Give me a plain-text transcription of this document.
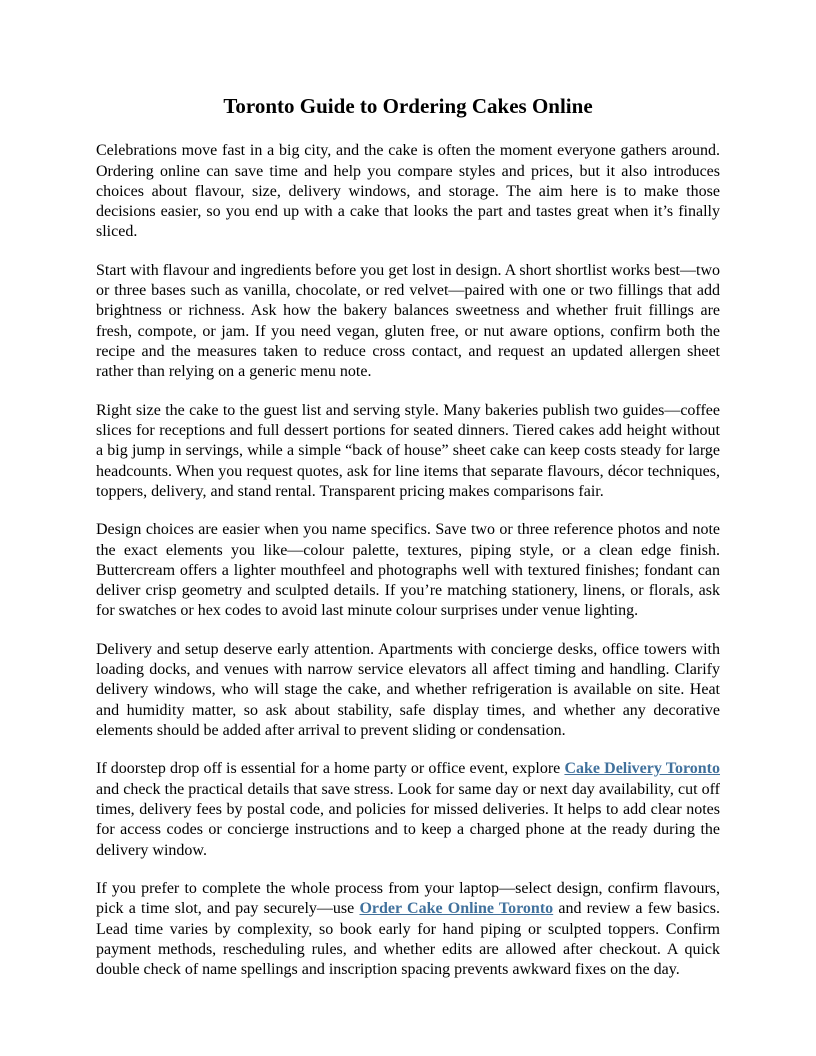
Toronto Guide to Ordering Cakes Online

Celebrations move fast in a big city, and the cake is often the moment everyone gathers around. Ordering online can save time and help you compare styles and prices, but it also introduces choices about flavour, size, delivery windows, and storage. The aim here is to make those decisions easier, so you end up with a cake that looks the part and tastes great when it’s finally sliced.

Start with flavour and ingredients before you get lost in design. A short shortlist works best—two or three bases such as vanilla, chocolate, or red velvet—paired with one or two fillings that add brightness or richness. Ask how the bakery balances sweetness and whether fruit fillings are fresh, compote, or jam. If you need vegan, gluten free, or nut aware options, confirm both the recipe and the measures taken to reduce cross contact, and request an updated allergen sheet rather than relying on a generic menu note.

Right size the cake to the guest list and serving style. Many bakeries publish two guides—coffee slices for receptions and full dessert portions for seated dinners. Tiered cakes add height without a big jump in servings, while a simple “back of house” sheet cake can keep costs steady for large headcounts. When you request quotes, ask for line items that separate flavours, décor techniques, toppers, delivery, and stand rental. Transparent pricing makes comparisons fair.

Design choices are easier when you name specifics. Save two or three reference photos and note the exact elements you like—colour palette, textures, piping style, or a clean edge finish. Buttercream offers a lighter mouthfeel and photographs well with textured finishes; fondant can deliver crisp geometry and sculpted details. If you’re matching stationery, linens, or florals, ask for swatches or hex codes to avoid last minute colour surprises under venue lighting.

Delivery and setup deserve early attention. Apartments with concierge desks, office towers with loading docks, and venues with narrow service elevators all affect timing and handling. Clarify delivery windows, who will stage the cake, and whether refrigeration is available on site. Heat and humidity matter, so ask about stability, safe display times, and whether any decorative elements should be added after arrival to prevent sliding or condensation.

If doorstep drop off is essential for a home party or office event, explore Cake Delivery Toronto and check the practical details that save stress. Look for same day or next day availability, cut off times, delivery fees by postal code, and policies for missed deliveries. It helps to add clear notes for access codes or concierge instructions and to keep a charged phone at the ready during the delivery window.

If you prefer to complete the whole process from your laptop—select design, confirm flavours, pick a time slot, and pay securely—use Order Cake Online Toronto and review a few basics. Lead time varies by complexity, so book early for hand piping or sculpted toppers. Confirm payment methods, rescheduling rules, and whether edits are allowed after checkout. A quick double check of name spellings and inscription spacing prevents awkward fixes on the day.
